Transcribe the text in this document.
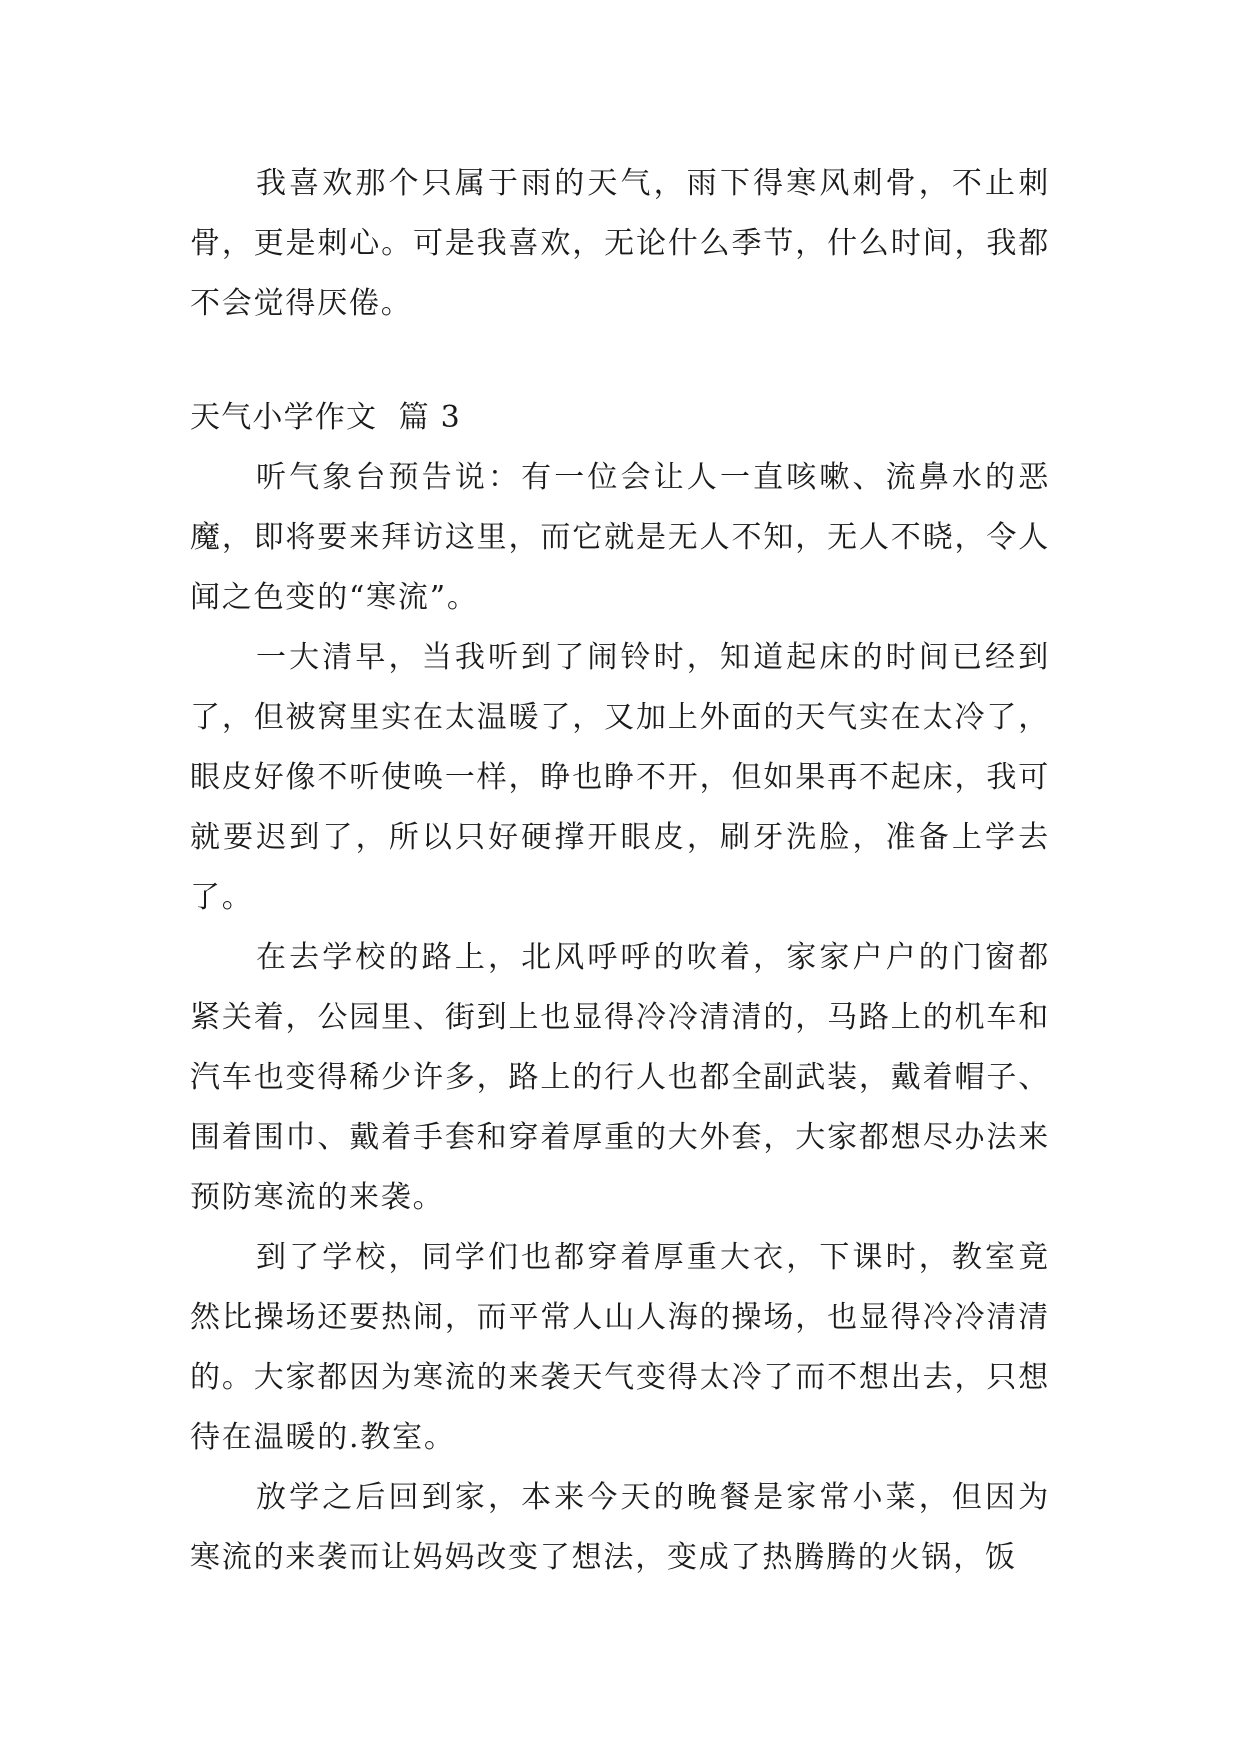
我喜欢那个只属于雨的天气，雨下得寒风刺骨，不止刺骨，更是刺心。可是我喜欢，无论什么季节，什么时间，我都不会觉得厌倦。

天气小学作文  篇 3

听气象台预告说：有一位会让人一直咳嗽、流鼻水的恶魔，即将要来拜访这里，而它就是无人不知，无人不晓，令人闻之色变的“寒流”。

一大清早，当我听到了闹铃时，知道起床的时间已经到了，但被窝里实在太温暖了，又加上外面的天气实在太冷了，眼皮好像不听使唤一样，睁也睁不开，但如果再不起床，我可就要迟到了，所以只好硬撑开眼皮，刷牙洗脸，准备上学去了。

在去学校的路上，北风呼呼的吹着，家家户户的门窗都紧关着，公园里、街到上也显得冷冷清清的，马路上的机车和汽车也变得稀少许多，路上的行人也都全副武装，戴着帽子、围着围巾、戴着手套和穿着厚重的大外套，大家都想尽办法来预防寒流的来袭。

到了学校，同学们也都穿着厚重大衣，下课时，教室竟然比操场还要热闹，而平常人山人海的操场，也显得冷冷清清的。大家都因为寒流的来袭天气变得太冷了而不想出去，只想待在温暖的.教室。

放学之后回到家，本来今天的晚餐是家常小菜，但因为寒流的来袭而让妈妈改变了想法，变成了热腾腾的火锅，饭
